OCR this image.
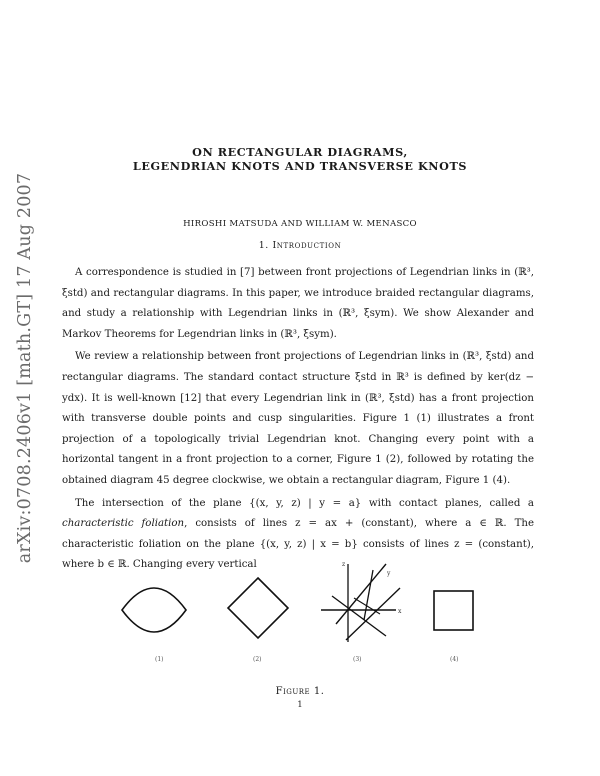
arXiv:0708.2406v1 [math.GT] 17 Aug 2007
ON RECTANGULAR DIAGRAMS,
LEGENDRIAN KNOTS AND TRANSVERSE KNOTS
HIROSHI MATSUDA AND WILLIAM W. MENASCO
1. Introduction

A correspondence is studied in [7] between front projections of Legendrian links in (ℝ³, ξstd) and rectangular diagrams. In this paper, we introduce braided rectangular diagrams, and study a relationship with Legendrian links in (ℝ³, ξsym). We show Alexander and Markov Theorems for Legendrian links in (ℝ³, ξsym).

We review a relationship between front projections of Legendrian links in (ℝ³, ξstd) and rectangular diagrams. The standard contact structure ξstd in ℝ³ is defined by ker(dz − ydx). It is well-known [12] that every Legendrian link in (ℝ³, ξstd) has a front projection with transverse double points and cusp singularities. Figure 1 (1) illustrates a front projection of a topologically trivial Legendrian knot. Changing every point with a horizontal tangent in a front projection to a corner, Figure 1 (2), followed by rotating the obtained diagram 45 degree clockwise, we obtain a rectangular diagram, Figure 1 (4).

The intersection of the plane {(x, y, z) | y = a} with contact planes, called a characteristic foliation, consists of lines z = ax + (constant), where a ∈ ℝ. The characteristic foliation on the plane {(x, y, z) | x = b} consists of lines z = (constant), where b ∈ ℝ. Changing every vertical	z
y
x
(1)	(2)	(3)	(4)
Figure 1.
1
